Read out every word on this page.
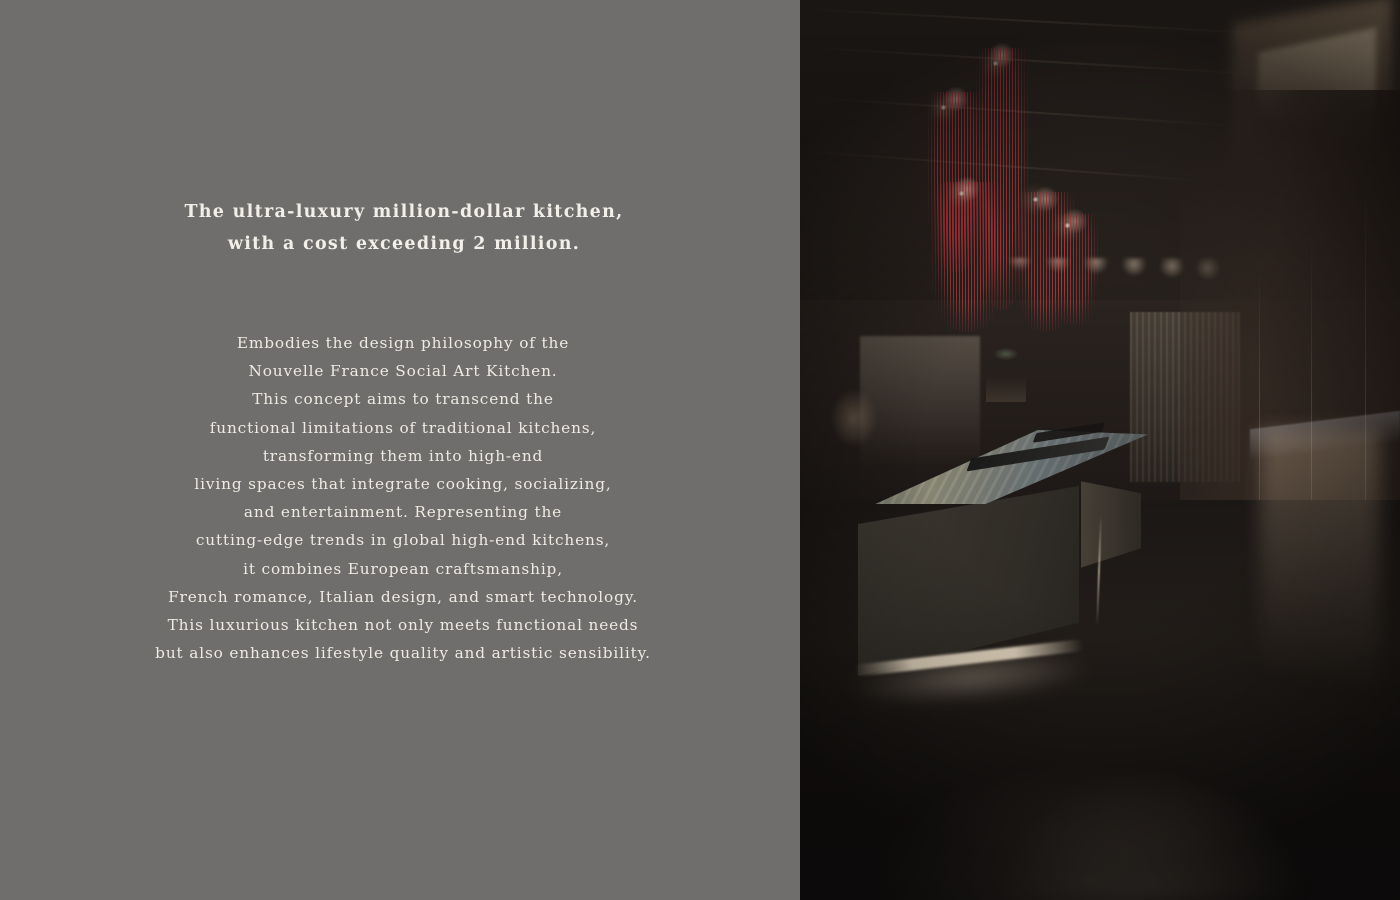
The ultra-luxury million-dollar kitchen,
with a cost exceeding 2 million.
Embodies the design philosophy of the
Nouvelle France Social Art Kitchen.
This concept aims to transcend the
functional limitations of traditional kitchens,
transforming them into high-end
living spaces that integrate cooking, socializing,
and entertainment. Representing the
cutting-edge trends in global high-end kitchens,
it combines European craftsmanship,
French romance, Italian design, and smart technology.
This luxurious kitchen not only meets functional needs
but also enhances lifestyle quality and artistic sensibility.
